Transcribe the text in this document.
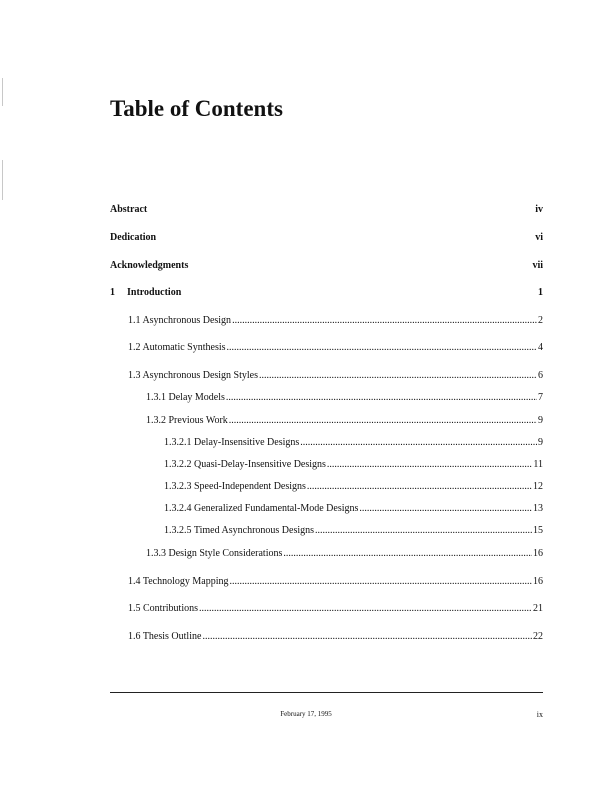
Table of Contents
Abstract	iv
Dedication	vi
Acknowledgments	vii
1	Introduction	1
1.1 Asynchronous Design .....	2
1.2 Automatic Synthesis .....	4
1.3 Asynchronous Design Styles .....	6
1.3.1 Delay Models .....	7
1.3.2 Previous Work .....	9
1.3.2.1 Delay-Insensitive Designs .....	9
1.3.2.2 Quasi-Delay-Insensitive Designs .....	11
1.3.2.3 Speed-Independent Designs .....	12
1.3.2.4 Generalized Fundamental-Mode Designs .....	13
1.3.2.5 Timed Asynchronous Designs .....	15
1.3.3 Design Style Considerations .....	16
1.4 Technology Mapping .....	16
1.5 Contributions .....	21
1.6 Thesis Outline .....	22
February 17, 1995	ix
